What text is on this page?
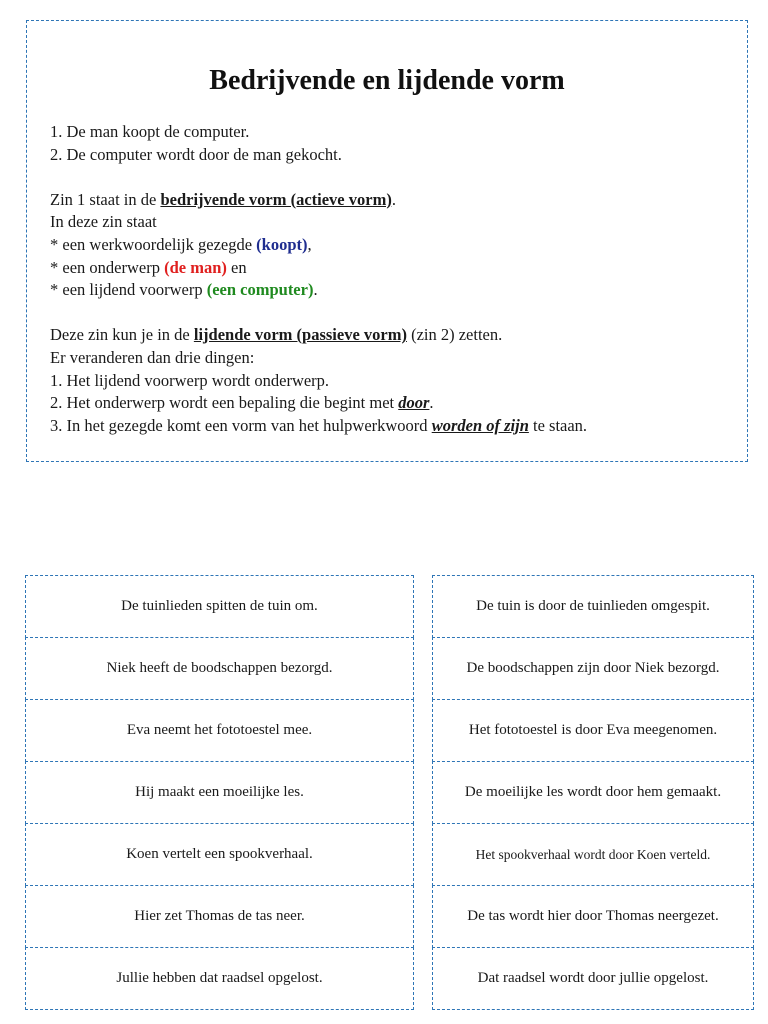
Bedrijvende en lijdende vorm
1. De man koopt de computer.
2. De computer wordt door de man gekocht.
Zin 1 staat in de bedrijvende vorm (actieve vorm).
In deze zin staat
* een werkwoordelijk gezegde (koopt),
* een onderwerp (de man) en
* een lijdend voorwerp (een computer).
Deze zin kun je in de lijdende vorm (passieve vorm) (zin 2) zetten.
Er veranderen dan drie dingen:
1. Het lijdend voorwerp wordt onderwerp.
2. Het onderwerp wordt een bepaling die begint met door.
3. In het gezegde komt een vorm van het hulpwerkwoord worden of zijn te staan.
De tuinlieden spitten de tuin om.
Niek heeft de boodschappen bezorgd.
Eva neemt het fototoestel mee.
Hij maakt een moeilijke les.
Koen vertelt een spookverhaal.
Hier zet Thomas de tas neer.
Jullie hebben dat raadsel opgelost.
De tuin is door de tuinlieden omgespit.
De boodschappen zijn door Niek bezorgd.
Het fototoestel is door Eva meegenomen.
De moeilijke les wordt door hem gemaakt.
Het spookverhaal wordt door Koen verteld.
De tas wordt hier door Thomas neergezet.
Dat raadsel wordt door jullie opgelost.
